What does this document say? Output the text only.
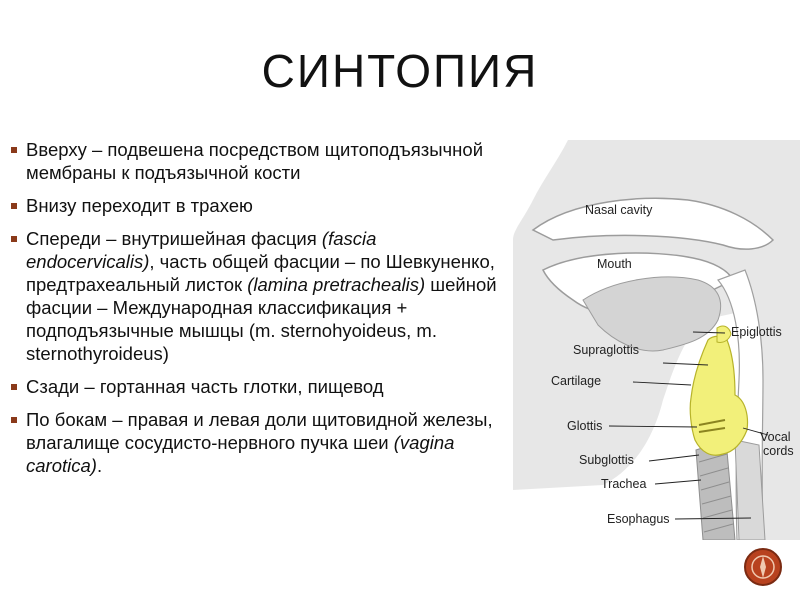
СИНТОПИЯ
Вверху – подвешена посредством щитоподъязычной мембраны к подъязычной кости
Внизу переходит в трахею
Спереди – внутришейная фасция (fascia endocervicalis), часть общей фасции – по Шевкуненко, предтрахеальный листок (lamina pretrachealis) шейной фасции – Международная классификация + подподъязычные мышцы (m. sternohyoideus, m. sternothyroideus)
Сзади – гортанная часть глотки, пищевод
По бокам – правая и левая доли щитовидной железы, влагалище сосудисто-нервного пучка шеи (vagina carotica).
Nasal cavity
Mouth
Epiglottis
Supraglottis
Cartilage
Glottis
Vocal
cords
Subglottis
Trachea
Esophagus
